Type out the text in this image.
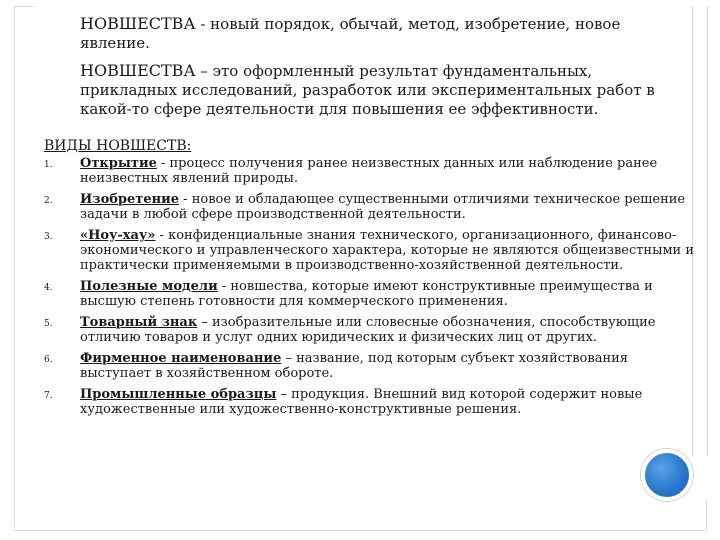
НОВШЕСТВА - новый порядок, обычай, метод, изобретение, новое явление.
НОВШЕСТВА – это оформленный результат фундаментальных, прикладных исследований, разработок или экспериментальных работ в какой-то сфере деятельности для повышения ее эффективности.
ВИДЫ НОВШЕСТВ:
1.	Открытие - процесс получения ранее неизвестных данных или наблюдение ранее неизвестных явлений природы.
2.	Изобретение - новое и обладающее существенными отличиями техническое решение задачи в любой сфере производственной деятельности.
3.	«Ноу-хау» - конфиденциальные знания технического, организационного, финансово-экономического и управленческого характера, которые не являются общеизвестными и практически применяемыми в производственно-хозяйственной деятельности.
4.	Полезные модели - новшества, которые имеют конструктивные преимущества и высшую степень готовности для коммерческого применения.
5.	Товарный знак – изобразительные или словесные обозначения, способствующие отличию товаров и услуг одних юридических и физических лиц от других.
6.	Фирменное наименование – название, под которым субъект хозяйствования выступает в хозяйственном обороте.
7.	Промышленные образцы – продукция. Внешний вид которой содержит новые художественные или художественно-конструктивные решения.
